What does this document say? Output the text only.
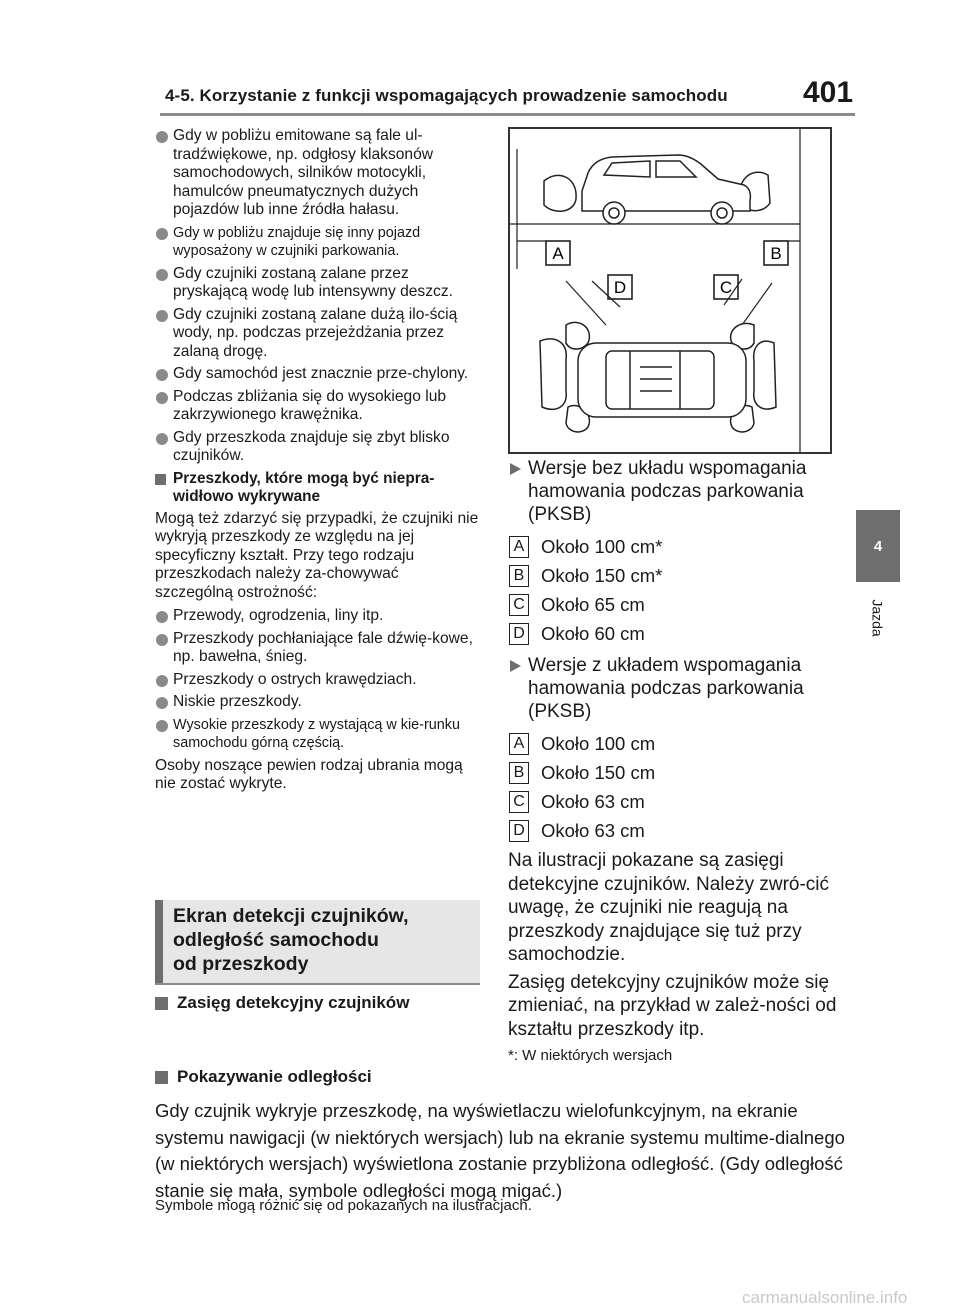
4-5. Korzystanie z funkcji wspomagających prowadzenie samochodu	401
4
Jazda
Gdy w pobliżu emitowane są fale ul-tradźwiękowe, np. odgłosy klaksonów samochodowych, silników motocykli, hamulców pneumatycznych dużych pojazdów lub inne źródła hałasu.
Gdy w pobliżu znajduje się inny pojazd wyposażony w czujniki parkowania.
Gdy czujniki zostaną zalane przez pryskającą wodę lub intensywny deszcz.
Gdy czujniki zostaną zalane dużą ilo-ścią wody, np. podczas przejeżdżania przez zalaną drogę.
Gdy samochód jest znacznie prze-chylony.
Podczas zbliżania się do wysokiego lub zakrzywionego krawężnika.
Gdy przeszkoda znajduje się zbyt blisko czujników.
Przeszkody, które mogą być niepra-widłowo wykrywane
Mogą też zdarzyć się przypadki, że czujniki nie wykryją przeszkody ze względu na jej specyficzny kształt. Przy tego rodzaju przeszkodach należy za-chowywać szczególną ostrożność:
Przewody, ogrodzenia, liny itp.
Przeszkody pochłaniające fale dźwię-kowe, np. bawełna, śnieg.
Przeszkody o ostrych krawędziach.
Niskie przeszkody.
Wysokie przeszkody z wystającą w kie-runku samochodu górną częścią.
Osoby noszące pewien rodzaj ubrania mogą nie zostać wykryte.
Ekran detekcji czujników,
odległość samochodu
od przeszkody
Zasięg detekcyjny czujników
Pokazywanie odległości
A	B
D	C
Wersje bez układu wspomagania hamowania podczas parkowania (PKSB)
A Około 100 cm*
B Około 150 cm*
C Około 65 cm
D Około 60 cm
Wersje z układem wspomagania hamowania podczas parkowania (PKSB)
A Około 100 cm
B Około 150 cm
C Około 63 cm
D Około 63 cm
Na ilustracji pokazane są zasięgi detekcyjne czujników. Należy zwró-cić uwagę, że czujniki nie reagują na przeszkody znajdujące się tuż przy samochodzie.
Zasięg detekcyjny czujników może się zmieniać, na przykład w zależ-ności od kształtu przeszkody itp.
*: W niektórych wersjach
Gdy czujnik wykryje przeszkodę, na wyświetlaczu wielofunkcyjnym, na ekranie systemu nawigacji (w niektórych wersjach) lub na ekranie systemu multime-dialnego (w niektórych wersjach) wyświetlona zostanie przybliżona odległość. (Gdy odległość stanie się mała, symbole odległości mogą migać.)
Symbole mogą różnić się od pokazanych na ilustracjach.
carmanualsonline.info
